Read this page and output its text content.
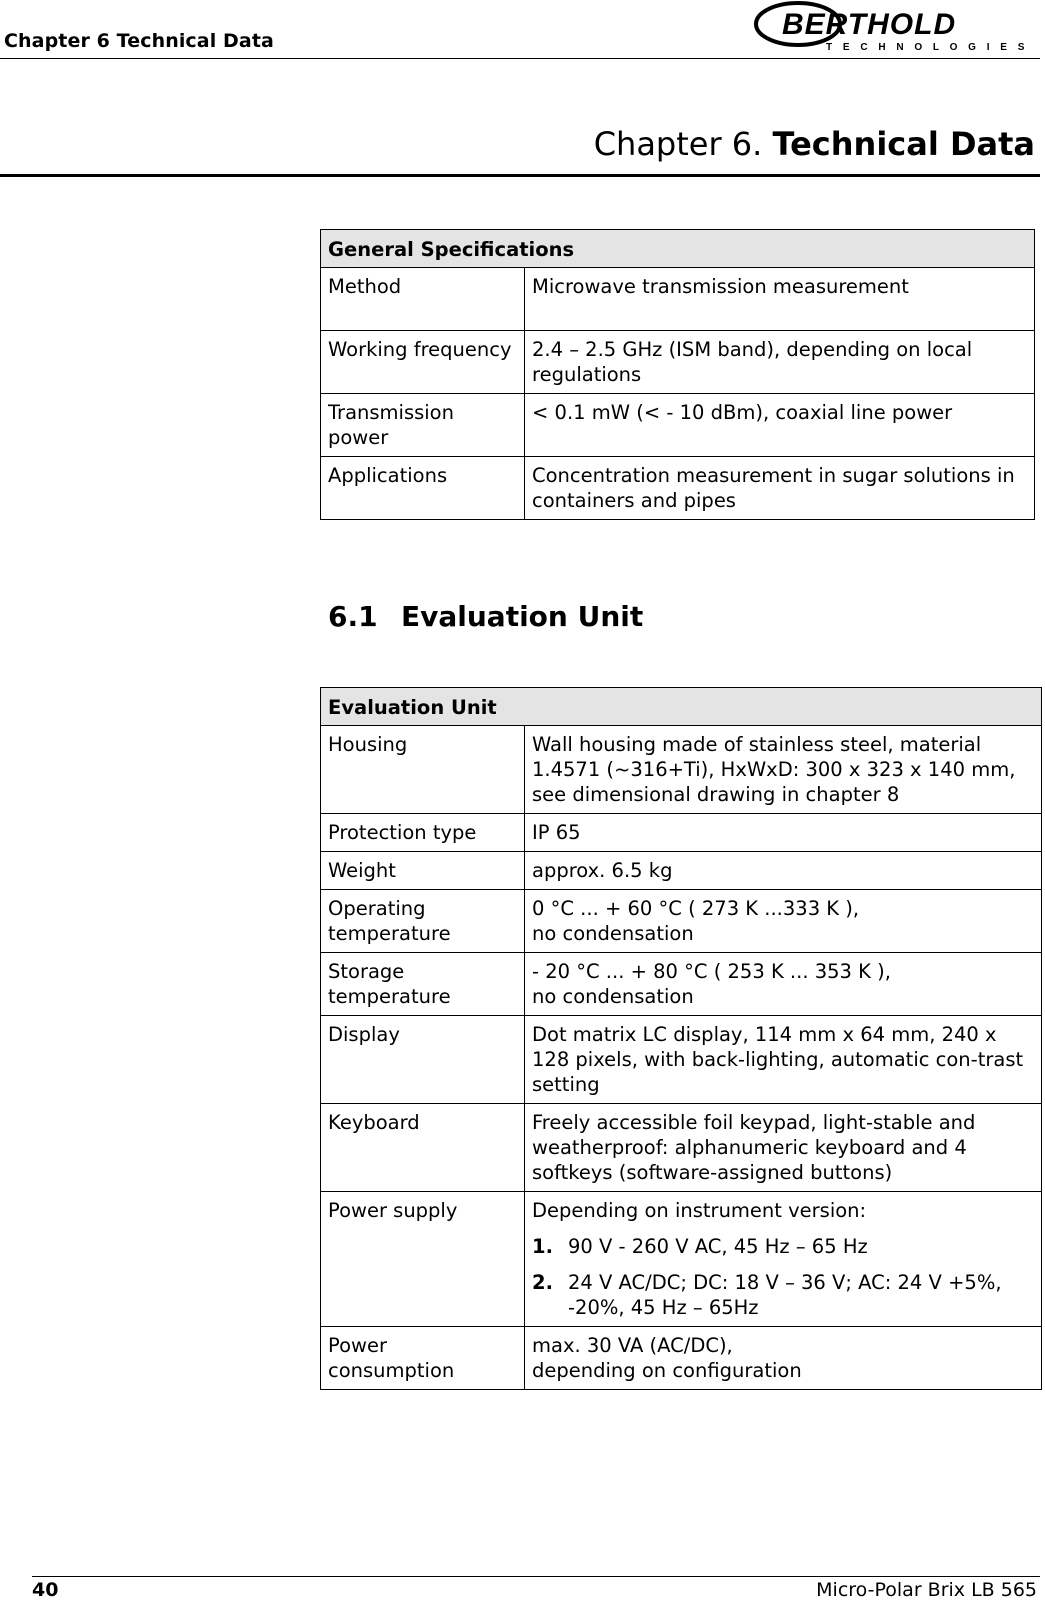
Chapter 6 Technical Data	BERTHOLD
T E C H N O L O G I E S
Chapter 6. Technical Data
General Specifications	
Method	Microwave transmission measurement
Working frequency	2.4 – 2.5 GHz (ISM band), depending on local regulations
Transmission power	< 0.1 mW (< - 10 dBm), coaxial line power
Applications	Concentration measurement in sugar solutions in containers and pipes
6.1 Evaluation Unit
Evaluation Unit	
Housing	Wall housing made of stainless steel, material 1.4571 (~316+Ti), HxWxD: 300 x 323 x 140 mm, see dimensional drawing in chapter 8
Protection type	IP 65
Weight	approx. 6.5 kg
Operating temperature	0 °C ... + 60 °C ( 273 K ...333 K ),
no condensation

Storage temperature	- 20 °C ... + 80 °C ( 253 K ... 353 K ),
no condensation

Display	Dot matrix LC display, 114 mm x 64 mm, 240 x 128 pixels, with back-lighting, automatic con-trast setting
Keyboard	Freely accessible foil keypad, light-stable and weatherproof: alphanumeric keyboard and 4 softkeys (software-assigned buttons)
Power supply	Depending on instrument version:
1. 90 V - 260 V AC, 45 Hz – 65 Hz
2. 24 V AC/DC; DC: 18 V – 36 V; AC: 24 V +5%, -20%, 45 Hz – 65Hz

Power consumption	max. 30 VA (AC/DC),
depending on configuration
40	Micro-Polar Brix LB 565
